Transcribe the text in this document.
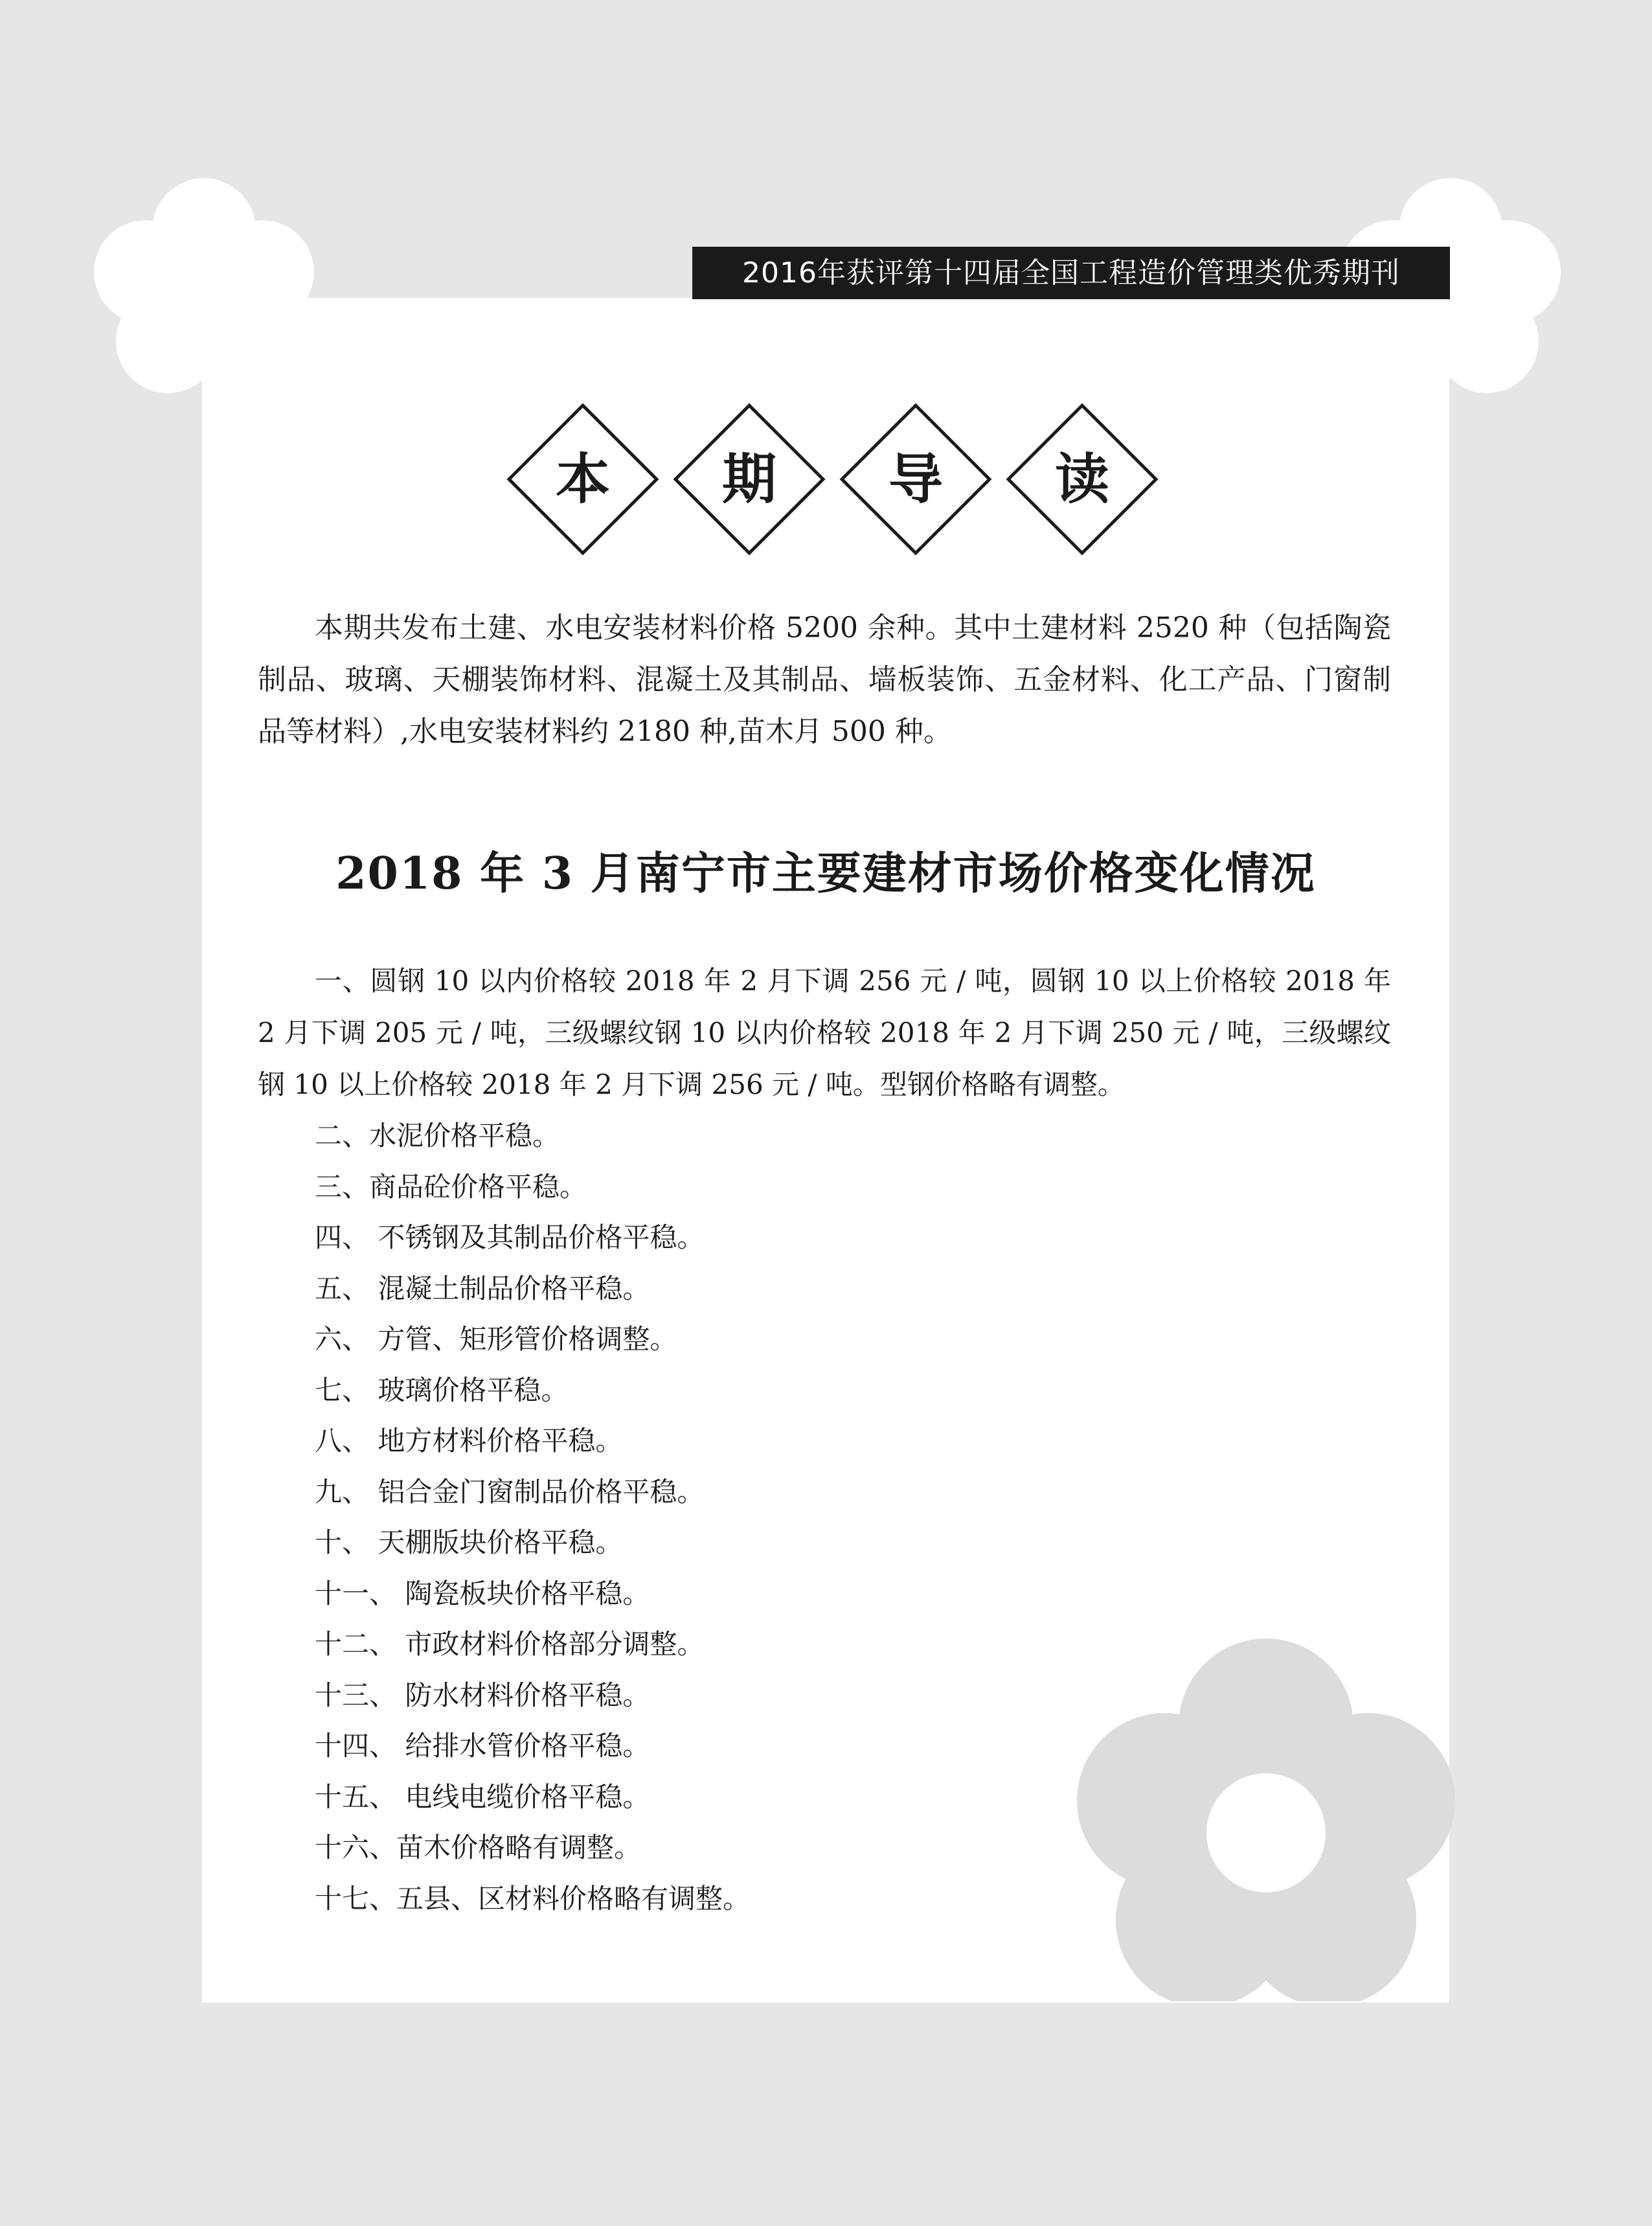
2016年获评第十四届全国工程造价管理类优秀期刊
本	期	导	读

本期共发布土建、水电安装材料价格 5200 余种。其中土建材料 2520 种（包括陶瓷制品、玻璃、天棚装饰材料、混凝土及其制品、墙板装饰、五金材料、化工产品、门窗制品等材料）,水电安装材料约 2180 种,苗木月 500 种。

2018 年 3 月南宁市主要建材市场价格变化情况

一、圆钢 10 以内价格较 2018 年 2 月下调 256 元 / 吨，圆钢 10 以上价格较 2018 年 2 月下调 205 元 / 吨，三级螺纹钢 10 以内价格较 2018 年 2 月下调 250 元 / 吨，三级螺纹钢 10 以上价格较 2018 年 2 月下调 256 元 / 吨。型钢价格略有调整。

二、水泥价格平稳。
三、商品砼价格平稳。
四、 不锈钢及其制品价格平稳。
五、 混凝土制品价格平稳。
六、 方管、矩形管价格调整。
七、 玻璃价格平稳。
八、 地方材料价格平稳。
九、 铝合金门窗制品价格平稳。
十、 天棚版块价格平稳。
十一、 陶瓷板块价格平稳。
十二、 市政材料价格部分调整。
十三、 防水材料价格平稳。
十四、 给排水管价格平稳。
十五、 电线电缆价格平稳。
十六、苗木价格略有调整。
十七、五县、区材料价格略有调整。
